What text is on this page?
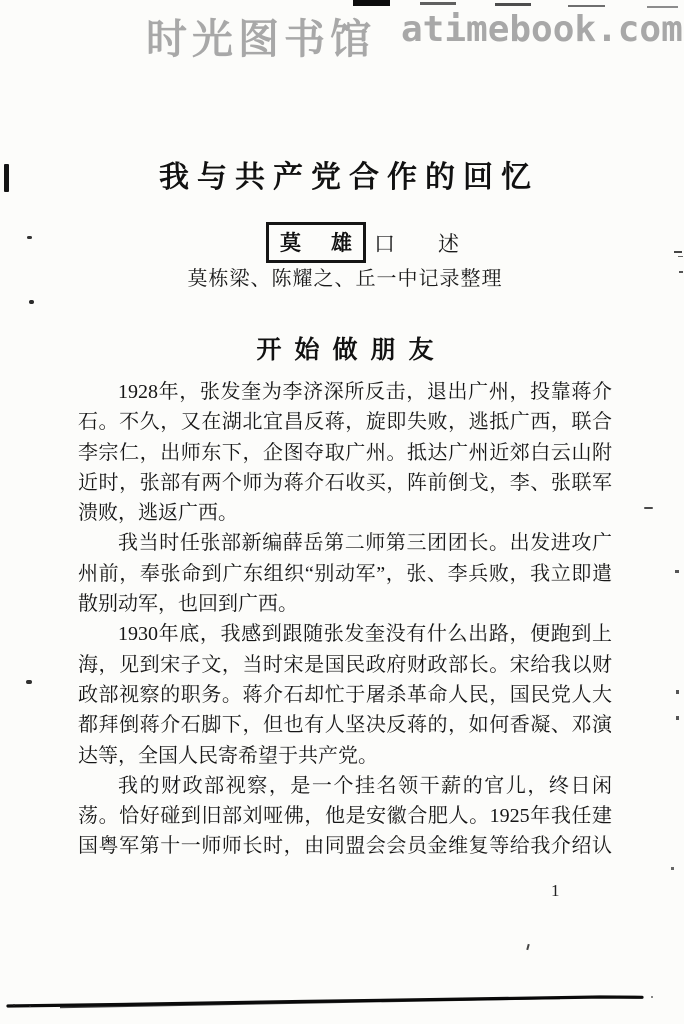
时光图书馆 atimebook.com
我与共产党合作的回忆
莫雄
口述
莫栋梁、陈耀之、丘一中记录整理
开始做朋友
1928年，张发奎为李济深所反击，退出广州，投靠蒋介
石。不久，又在湖北宜昌反蒋，旋即失败，逃抵广西，联合
李宗仁，出师东下，企图夺取广州。抵达广州近郊白云山附
近时，张部有两个师为蒋介石收买，阵前倒戈，李、张联军
溃败，逃返广西。
我当时任张部新编薛岳第二师第三团团长。出发进攻广
州前，奉张命到广东组织“别动军”，张、李兵败，我立即遣
散别动军，也回到广西。
1930年底，我感到跟随张发奎没有什么出路，便跑到上
海，见到宋子文，当时宋是国民政府财政部长。宋给我以财
政部视察的职务。蒋介石却忙于屠杀革命人民，国民党人大
都拜倒蒋介石脚下，但也有人坚决反蒋的，如何香凝、邓演
达等，全国人民寄希望于共产党。
我的财政部视察，是一个挂名领干薪的官儿，终日闲
荡。恰好碰到旧部刘哑佛，他是安徽合肥人。1925年我任建
国粤军第十一师师长时，由同盟会会员金维复等给我介绍认
1
